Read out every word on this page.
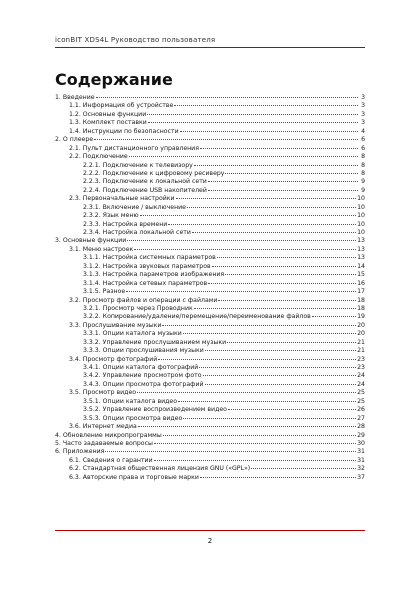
iconBIT XDS4L Руководство пользователя
Содержание
1. Введение	3
1.1. Информация об устройстве	3
1.2. Основные функции	3
1.3. Комплект поставки	3
1.4. Инструкции по безопасности	4
2. О плеере	6
2.1. Пульт дистанционного управления	6
2.2. Подключение	8
2.2.1. Подключение к телевизору	8
2.2.2. Подключение к цифровому ресиверу	8
2.2.3. Подключение к локальной сети	9
2.2.4. Подключение USB накопителей	9
2.3. Первоначальные настройки	10
2.3.1. Включение / выключение	10
2.3.2. Язык меню	10
2.3.3. Настройка времени	10
2.3.4. Настройка локальной сети	10
3. Основные функции	13
3.1. Меню настроек	13
3.1.1. Настройка системных параметров	13
3.1.2. Настройка звуковых параметров	14
3.1.3. Настройка параметров изображения	15
3.1.4. Настройка сетевых параметров	16
3.1.5. Разное	17
3.2. Просмотр файлов и операции с файлами	18
3.2.1. Просмотр через Проводник	18
3.2.2. Копирование/удаление/перемещение/переименование файлов	19
3.3. Прослушивание музыки	20
3.3.1. Опции каталога музыки	20
3.3.2. Управление прослушиванием музыки	21
3.3.3. Опции прослушивания музыки	21
3.4. Просмотр фотографий	23
3.4.1. Опции каталога фотографий	23
3.4.2. Управление просмотром фото	24
3.4.3. Опции просмотра фотографий	24
3.5. Просмотр видео	25
3.5.1. Опции каталога видео	25
3.5.2. Управление воспроизведением видео	26
3.5.3. Опции просмотра видео	27
3.6. Интернет медиа	28
4. Обновление микропрограммы	29
5. Часто задаваемые вопросы	30
6. Приложения	31
6.1. Сведения о гарантии	31
6.2. Стандартная общественная лицензия GNU («GPL»)	32
6.3. Авторские права и торговые марки	37
2
